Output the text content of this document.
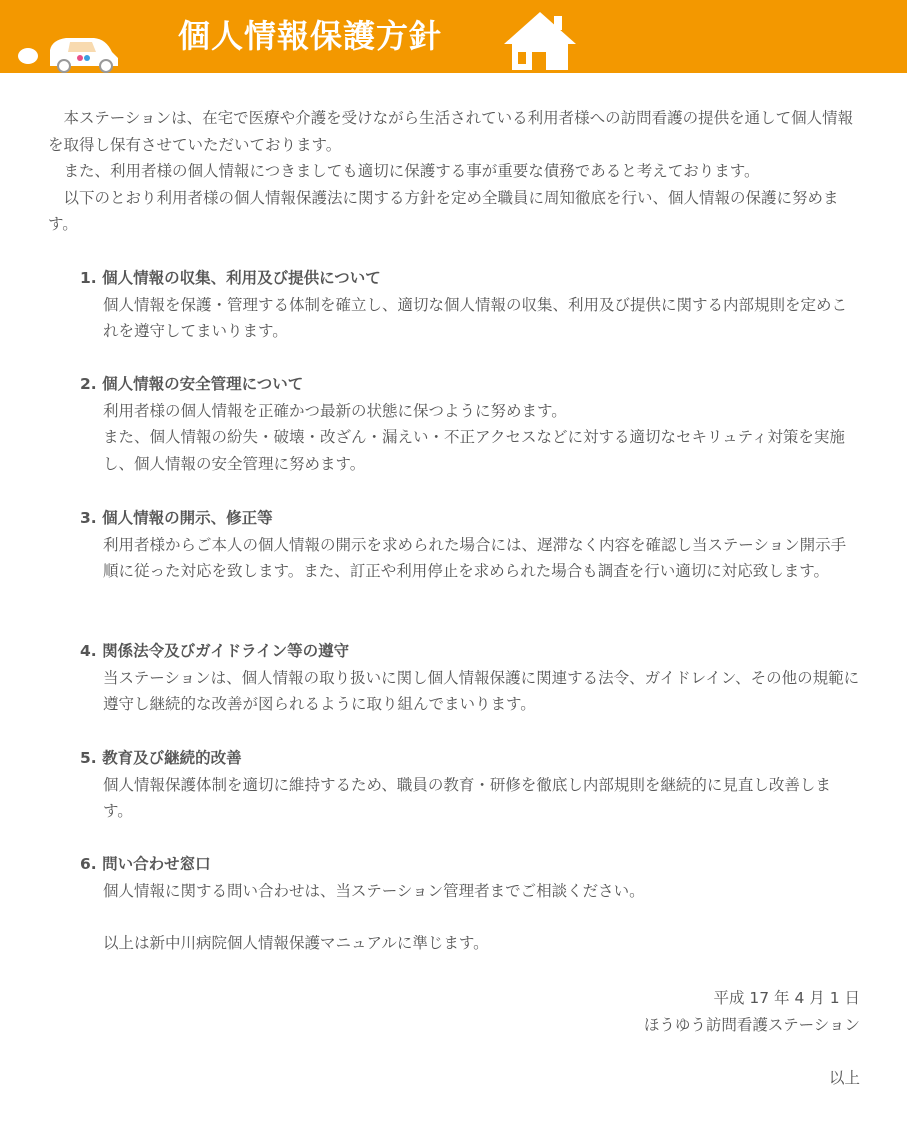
個人情報保護方針

本ステーションは、在宅で医療や介護を受けながら生活されている利用者様への訪問看護の提供を通して個人情報を取得し保有させていただいております。

また、利用者様の個人情報につきましても適切に保護する事が重要な債務であると考えております。

以下のとおり利用者様の個人情報保護法に関する方針を定め全職員に周知徹底を行い、個人情報の保護に努めます。

1. 個人情報の収集、利用及び提供について

個人情報を保護・管理する体制を確立し、適切な個人情報の収集、利用及び提供に関する内部規則を定めこれを遵守してまいります。

2. 個人情報の安全管理について

利用者様の個人情報を正確かつ最新の状態に保つように努めます。

また、個人情報の紛失・破壊・改ざん・漏えい・不正アクセスなどに対する適切なセキリュティ対策を実施し、個人情報の安全管理に努めます。

3. 個人情報の開示、修正等

利用者様からご本人の個人情報の開示を求められた場合には、遅滞なく内容を確認し当ステーション開示手順に従った対応を致します。また、訂正や利用停止を求められた場合も調査を行い適切に対応致します。

4. 関係法令及びガイドライン等の遵守

当ステーションは、個人情報の取り扱いに関し個人情報保護に関連する法令、ガイドレイン、その他の規範に遵守し継続的な改善が図られるように取り組んでまいります。

5. 教育及び継続的改善

個人情報保護体制を適切に維持するため、職員の教育・研修を徹底し内部規則を継続的に見直し改善します。

6. 問い合わせ窓口

個人情報に関する問い合わせは、当ステーション管理者までご相談ください。

以上は新中川病院個人情報保護マニュアルに準じます。

平成 17 年 4 月 1 日

ほうゆう訪問看護ステーション

以上
